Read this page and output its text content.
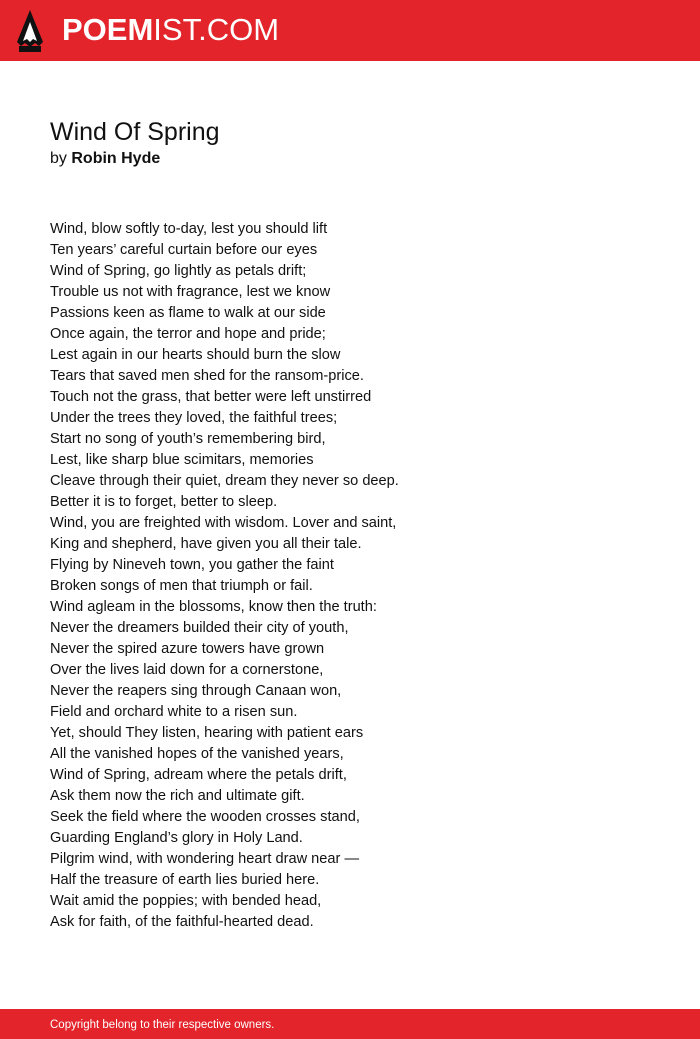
POEMIST.COM
Wind Of Spring
by Robin Hyde
Wind, blow softly to-day, lest you should lift
Ten years’ careful curtain before our eyes
Wind of Spring, go lightly as petals drift;
Trouble us not with fragrance, lest we know
Passions keen as flame to walk at our side
Once again, the terror and hope and pride;
Lest again in our hearts should burn the slow
Tears that saved men shed for the ransom-price.
Touch not the grass, that better were left unstirred
Under the trees they loved, the faithful trees;
Start no song of youth’s remembering bird,
Lest, like sharp blue scimitars, memories
Cleave through their quiet, dream they never so deep.
Better it is to forget, better to sleep.
Wind, you are freighted with wisdom. Lover and saint,
King and shepherd, have given you all their tale.
Flying by Nineveh town, you gather the faint
Broken songs of men that triumph or fail.
Wind agleam in the blossoms, know then the truth:
Never the dreamers builded their city of youth,
Never the spired azure towers have grown
Over the lives laid down for a cornerstone,
Never the reapers sing through Canaan won,
Field and orchard white to a risen sun.
Yet, should They listen, hearing with patient ears
All the vanished hopes of the vanished years,
Wind of Spring, adream where the petals drift,
Ask them now the rich and ultimate gift.
Seek the field where the wooden crosses stand,
Guarding England’s glory in Holy Land.
Pilgrim wind, with wondering heart draw near —
Half the treasure of earth lies buried here.
Wait amid the poppies; with bended head,
Ask for faith, of the faithful-hearted dead.
Copyright belong to their respective owners.
